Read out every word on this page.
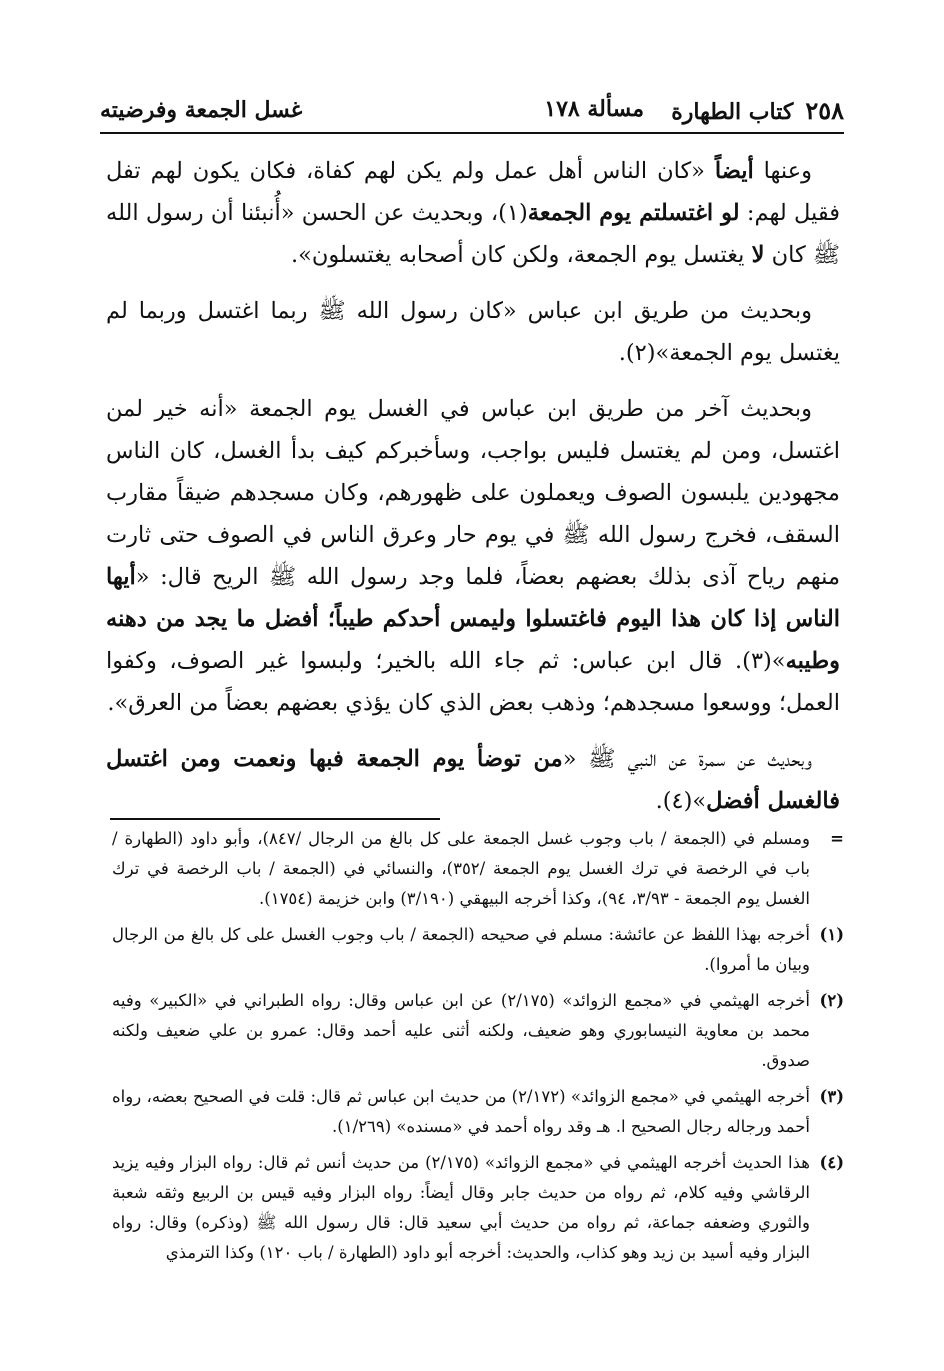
٢٥٨
كتاب الطهارة
مسألة ١٧٨
غسل الجمعة وفرضيته

وعنها أيضاً «كان الناس أهل عمل ولم يكن لهم كفاة، فكان يكون لهم تفل فقيل لهم: لو اغتسلتم يوم الجمعة(١)، وبحديث عن الحسن «أُنبئنا أن رسول الله ﷺ كان لا يغتسل يوم الجمعة، ولكن كان أصحابه يغتسلون».

وبحديث من طريق ابن عباس «كان رسول الله ﷺ ربما اغتسل وربما لم يغتسل يوم الجمعة»(٢).

وبحديث آخر من طريق ابن عباس في الغسل يوم الجمعة «أنه خير لمن اغتسل، ومن لم يغتسل فليس بواجب، وسأخبركم كيف بدأ الغسل، كان الناس مجهودين يلبسون الصوف ويعملون على ظهورهم، وكان مسجدهم ضيقاً مقارب السقف، فخرج رسول الله ﷺ في يوم حار وعرق الناس في الصوف حتى ثارت منهم رياح آذى بذلك بعضهم بعضاً، فلما وجد رسول الله ﷺ الريح قال: «أيها الناس إذا كان هذا اليوم فاغتسلوا وليمس أحدكم طيباً؛ أفضل ما يجد من دهنه وطيبه»(٣). قال ابن عباس: ثم جاء الله بالخير؛ ولبسوا غير الصوف، وكفوا العمل؛ ووسعوا مسجدهم؛ وذهب بعض الذي كان يؤذي بعضهم بعضاً من العرق».

وبحديث عن سمرة عن النبي ﷺ «من توضأ يوم الجمعة فبها ونعمت ومن اغتسل فالغسل أفضل»(٤).

=
ومسلم في (الجمعة / باب وجوب غسل الجمعة على كل بالغ من الرجال /٨٤٧)، وأبو داود (الطهارة / باب في الرخصة في ترك الغسل يوم الجمعة /٣٥٢)، والنسائي في (الجمعة / باب الرخصة في ترك الغسل يوم الجمعة - ٣/٩٣، ٩٤)، وكذا أخرجه البيهقي (٣/١٩٠) وابن خزيمة (١٧٥٤).
(١)
أخرجه بهذا اللفظ عن عائشة: مسلم في صحيحه (الجمعة / باب وجوب الغسل على كل بالغ من الرجال وبيان ما أمروا).
(٢)
أخرجه الهيثمي في «مجمع الزوائد» (٢/١٧٥) عن ابن عباس وقال: رواه الطبراني في «الكبير» وفيه محمد بن معاوية النيسابوري وهو ضعيف، ولكنه أثنى عليه أحمد وقال: عمرو بن علي ضعيف ولكنه صدوق.
(٣)
أخرجه الهيثمي في «مجمع الزوائد» (٢/١٧٢) من حديث ابن عباس ثم قال: قلت في الصحيح بعضه، رواه أحمد ورجاله رجال الصحيح ا. هـ وقد رواه أحمد في «مسنده» (١/٢٦٩).
(٤)
هذا الحديث أخرجه الهيثمي في «مجمع الزوائد» (٢/١٧٥) من حديث أنس ثم قال: رواه البزار وفيه يزيد الرقاشي وفيه كلام، ثم رواه من حديث جابر وقال أيضاً: رواه البزار وفيه قيس بن الربيع وثقه شعبة والثوري وضعفه جماعة، ثم رواه من حديث أبي سعيد قال: قال رسول الله ﷺ (وذكره) وقال: رواه البزار وفيه أسيد بن زيد وهو كذاب، والحديث: أخرجه أبو داود (الطهارة / باب ١٢٠) وكذا الترمذي
